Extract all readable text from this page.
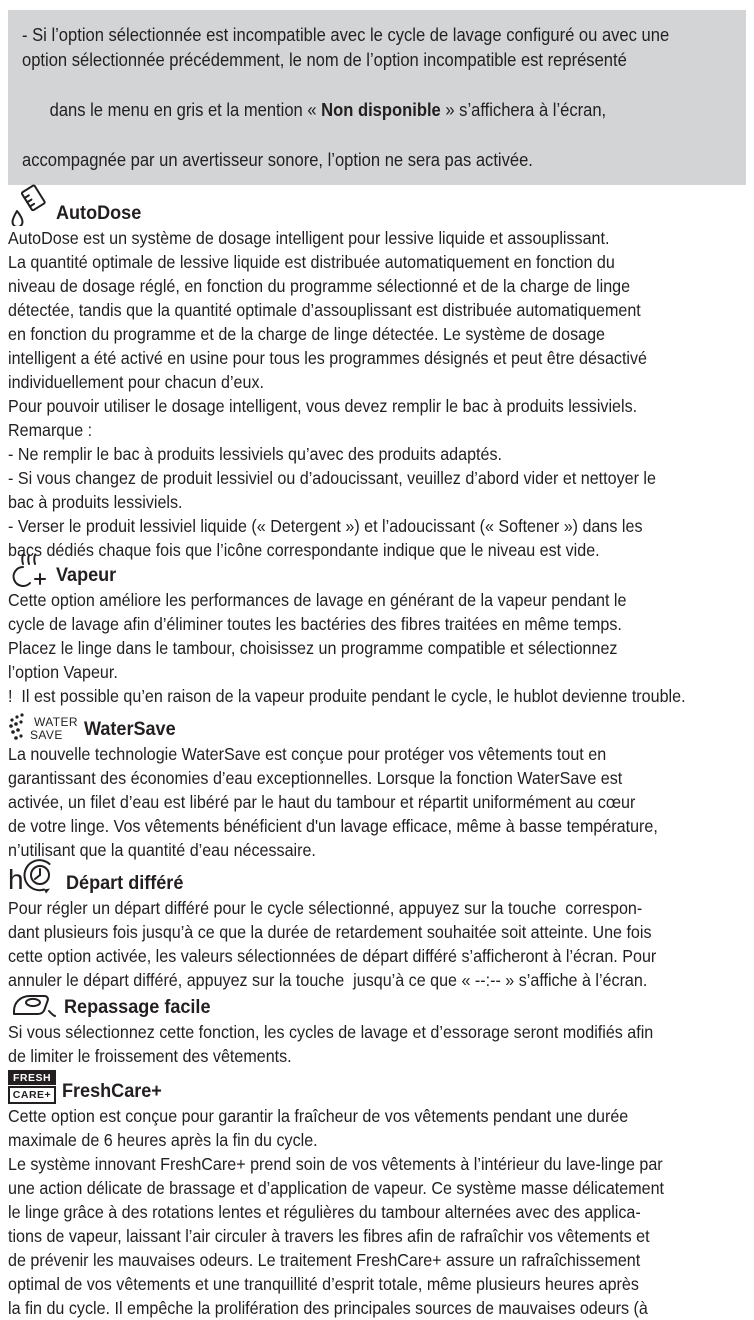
- Si l’option sélectionnée est incompatible avec le cycle de lavage configuré ou avec une
option sélectionnée précédemment, le nom de l’option incompatible est représenté

dans le menu en gris et la mention « Non disponible » s’affichera à l’écran,

accompagnée par un avertisseur sonore, l’option ne sera pas activée.
AutoDose
AutoDose est un système de dosage intelligent pour lessive liquide et assouplissant.
La quantité optimale de lessive liquide est distribuée automatiquement en fonction du
niveau de dosage réglé, en fonction du programme sélectionné et de la charge de linge
détectée, tandis que la quantité optimale d’assouplissant est distribuée automatiquement
en fonction du programme et de la charge de linge détectée. Le système de dosage
intelligent a été activé en usine pour tous les programmes désignés et peut être désactivé
individuellement pour chacun d’eux.
Pour pouvoir utiliser le dosage intelligent, vous devez remplir le bac à produits lessiviels.
Remarque :
- Ne remplir le bac à produits lessiviels qu’avec des produits adaptés.
- Si vous changez de produit lessiviel ou d’adoucissant, veuillez d’abord vider et nettoyer le
bac à produits lessiviels.
- Verser le produit lessiviel liquide (« Detergent ») et l’adoucissant (« Softener ») dans les
bacs dédiés chaque fois que l’icône correspondante indique que le niveau est vide.
Vapeur
Cette option améliore les performances de lavage en générant de la vapeur pendant le
cycle de lavage afin d’éliminer toutes les bactéries des fibres traitées en même temps.
Placez le linge dans le tambour, choisissez un programme compatible et sélectionnez
l’option Vapeur.
!  Il est possible qu’en raison de la vapeur produite pendant le cycle, le hublot devienne trouble.
WATER
SAVE	WaterSave
La nouvelle technologie WaterSave est conçue pour protéger vos vêtements tout en
garantissant des économies d’eau exceptionnelles. Lorsque la fonction WaterSave est
activée, un filet d’eau est libéré par le haut du tambour et répartit uniformément au cœur
de votre linge. Vos vêtements bénéficient d'un lavage efficace, même à basse température,
n’utilisant que la quantité d’eau nécessaire.
h Départ différé
Pour régler un départ différé pour le cycle sélectionné, appuyez sur la touche  correspon-
dant plusieurs fois jusqu’à ce que la durée de retardement souhaitée soit atteinte. Une fois
cette option activée, les valeurs sélectionnées de départ différé s’afficheront à l’écran. Pour
annuler le départ différé, appuyez sur la touche  jusqu’à ce que « --:-- » s’affiche à l’écran.
Repassage facile
Si vous sélectionnez cette fonction, les cycles de lavage et d’essorage seront modifiés afin
de limiter le froissement des vêtements.
FRESH
CARE+ FreshCare+
Cette option est conçue pour garantir la fraîcheur de vos vêtements pendant une durée
maximale de 6 heures après la fin du cycle.
Le système innovant FreshCare+ prend soin de vos vêtements à l’intérieur du lave-linge par
une action délicate de brassage et d’application de vapeur. Ce système masse délicatement
le linge grâce à des rotations lentes et régulières du tambour alternées avec des applica-
tions de vapeur, laissant l’air circuler à travers les fibres afin de rafraîchir vos vêtements et
de prévenir les mauvaises odeurs. Le traitement FreshCare+ assure un rafraîchissement
optimal de vos vêtements et une tranquillité d’esprit totale, même plusieurs heures après
la fin du cycle. Il empêche la prolifération des principales sources de mauvaises odeurs (à
